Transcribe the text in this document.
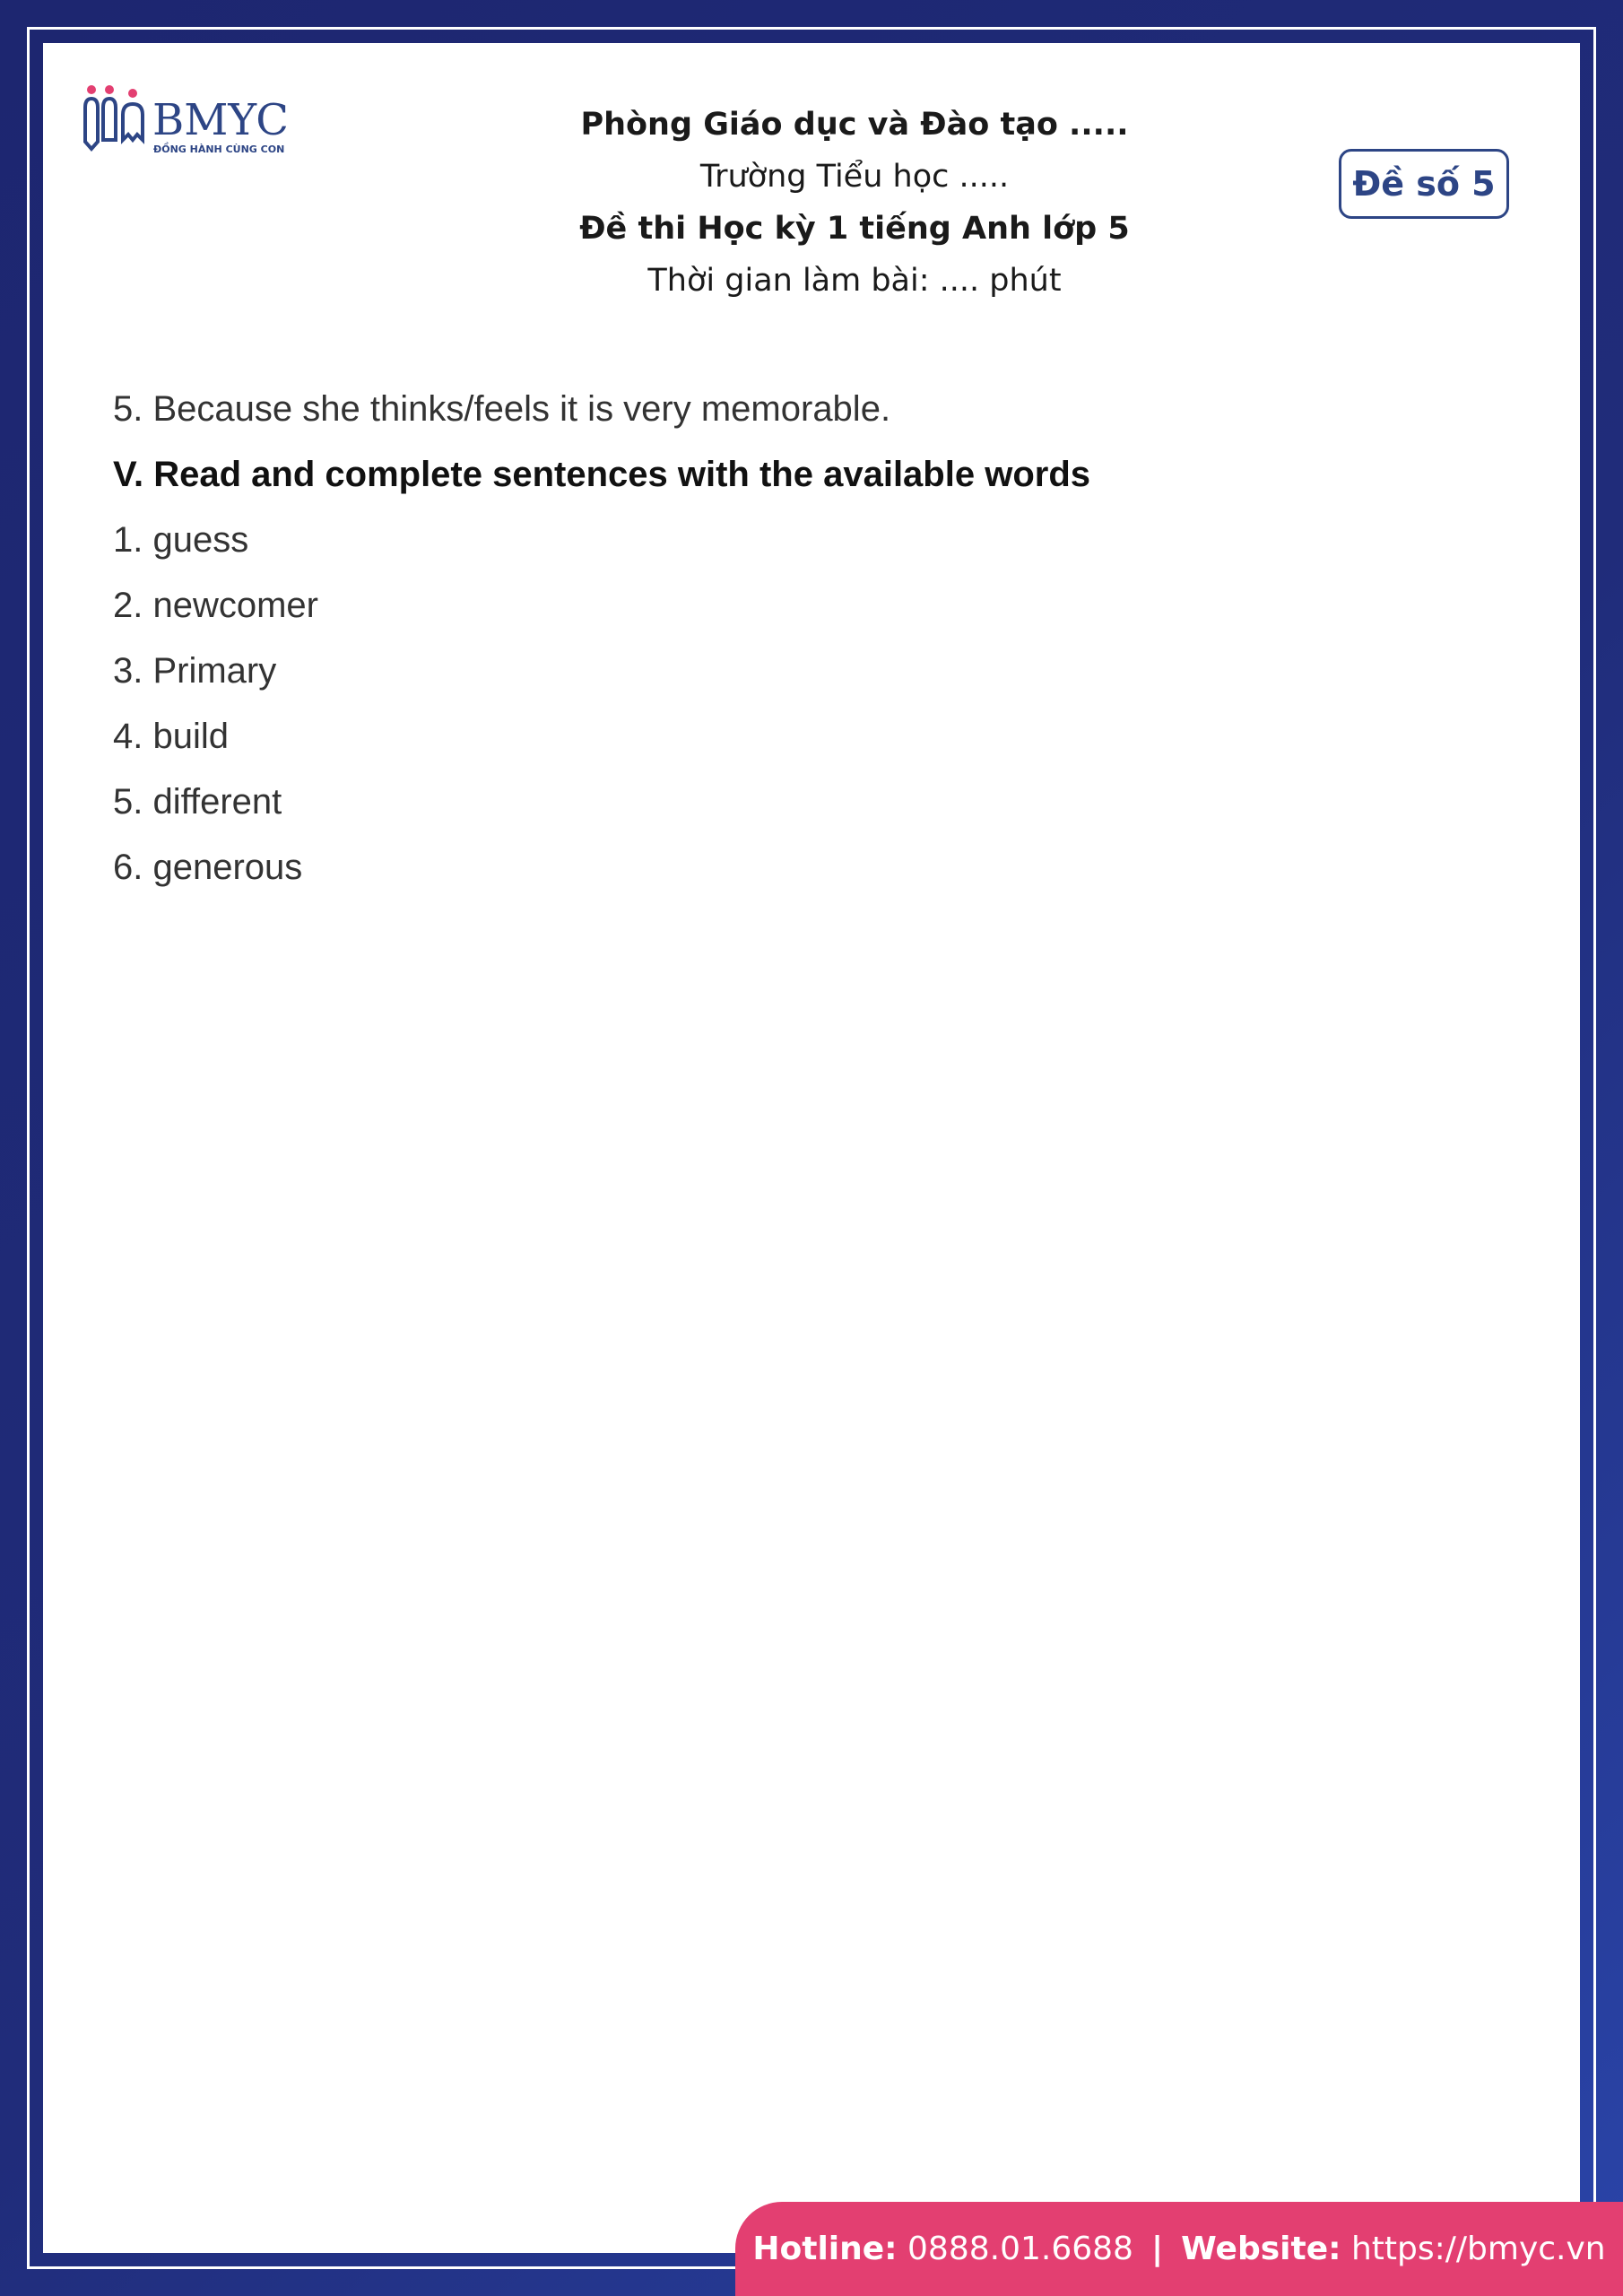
BMYC
ĐỒNG HÀNH CÙNG CON
Phòng Giáo dục và Đào tạo .....
Trường Tiểu học .....
Đề thi Học kỳ 1 tiếng Anh lớp 5
Thời gian làm bài: .... phút
Đề số 5
5. Because she thinks/feels it is very memorable.
V. Read and complete sentences with the available words
1. guess
2. newcomer
3. Primary
4. build
5. different
6. generous
Hotline:
0888.01.6688 | Website:
https://bmyc.vn
